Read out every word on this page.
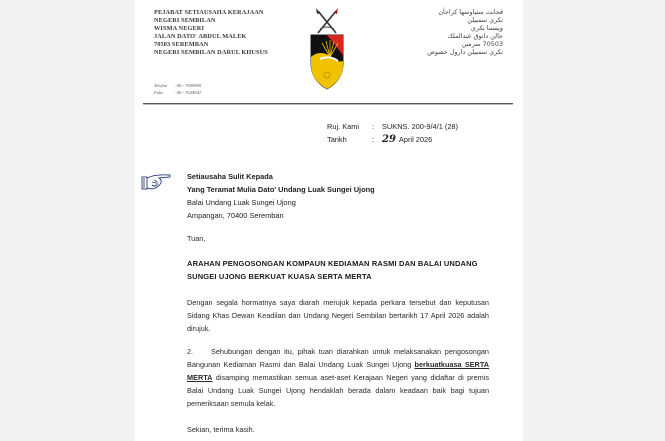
PEJABAT SETIAUSAHA KERAJAAN
NEGERI SEMBILAN
WISMA NEGERI
JALAN DATO' ABDUL MALEK
70503 SEREMBAN
NEGERI SEMBILAN DARUL KHUSUS
Telefon : 06 - 7659900
Faks : 06 - 7624941
ڤجابت ستياوسها كراجأن
نكري سمبيلن
ويسما نكري
جالن داتوق عبدالملك
70503 سرمبن
نكري سمبيلن دارول خصوص
Ruj. Kami	:	SUKNS. 200-9/4/1 (28)
Tarikh	: 29 April 2026
Setiausaha Sulit Kepada
Yang Teramat Mulia Dato' Undang Luak Sungei Ujong
Balai Undang Luak Sungei Ujong
Ampangan, 70400 Seremban
Tuan,
ARAHAN PENGOSONGAN KOMPAUN KEDIAMAN RASMI DAN BALAI UNDANG SUNGEI UJONG BERKUAT KUASA SERTA MERTA
Dengan segala hormatnya saya diarah merujuk kepada perkara tersebut dan keputusan Sidang Khas Dewan Keadilan dan Undang Negeri Sembilan bertarikh 17 April 2026 adalah dirujuk.
2. Sehubungan dengan itu, pihak tuan diarahkan untuk melaksanakan pengosongan Bangunan Kediaman Rasmi dan Balai Undang Luak Sungei Ujong berkuatkuasa SERTA MERTA disamping memastikan semua aset-aset Kerajaan Negeri yang didaftar di premis Balai Undang Luak Sungei Ujong hendaklah berada dalam keadaan baik bagi tujuan pemeriksaan semula kelak.
Sekian, terima kasih.
